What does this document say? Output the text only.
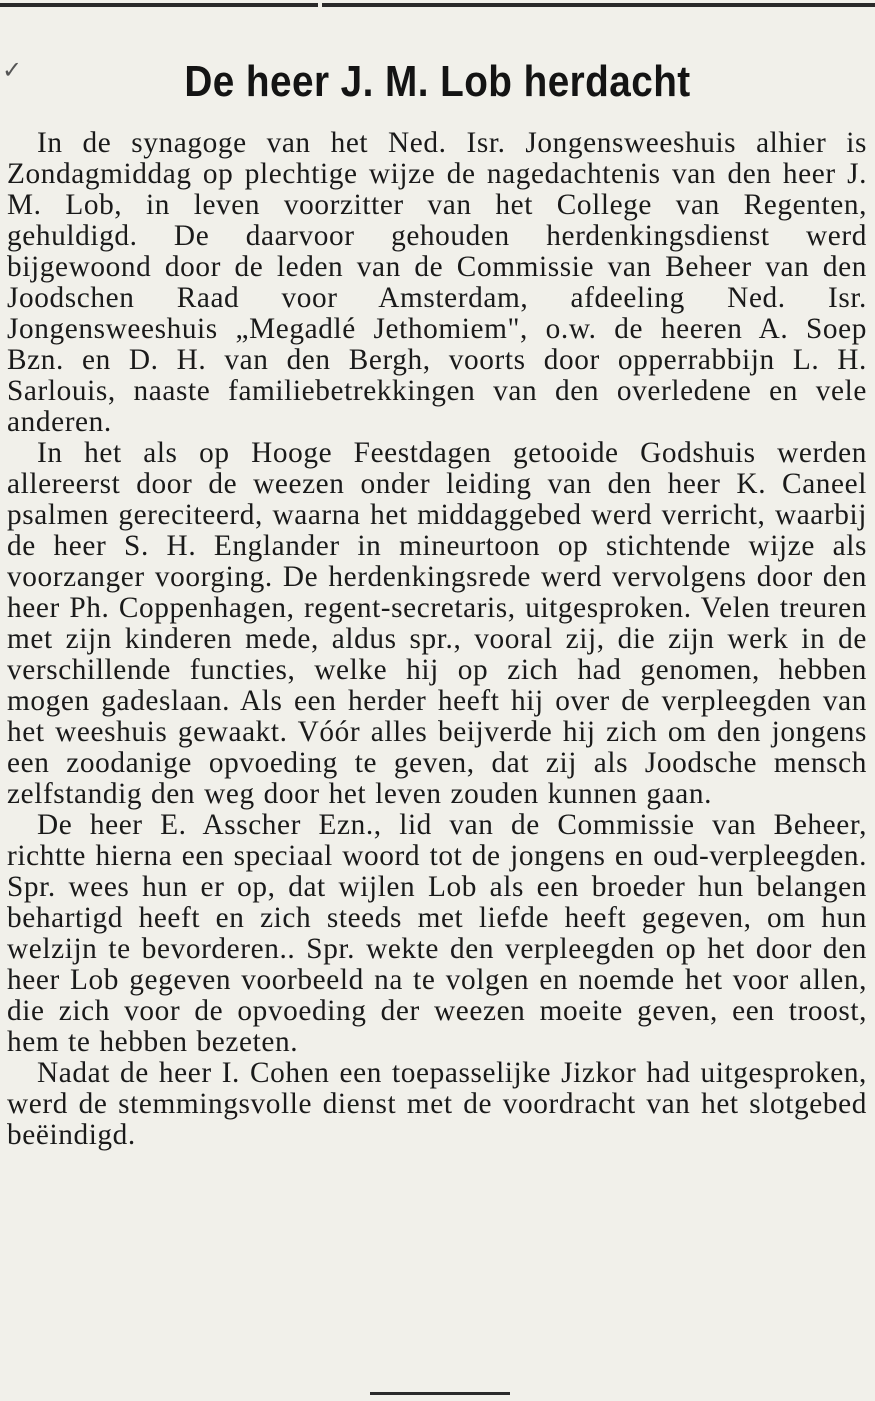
✓	De heer J. M. Lob herdacht

In de synagoge van het Ned. Isr. Jongensweeshuis alhier is Zondagmiddag op plechtige wijze de nagedachtenis van den heer J. M. Lob, in leven voorzitter van het College van Regenten, gehuldigd. De daarvoor gehouden herdenkingsdienst werd bijgewoond door de leden van de Commissie van Beheer van den Joodschen Raad voor Amsterdam, afdeeling Ned. Isr. Jongensweeshuis „Megadlé Jethomiem", o.w. de heeren A. Soep Bzn. en D. H. van den Bergh, voorts door opperrabbijn L. H. Sarlouis, naaste familiebetrekkingen van den overledene en vele anderen.

In het als op Hooge Feestdagen getooide Godshuis werden allereerst door de weezen onder leiding van den heer K. Caneel psalmen gereciteerd, waarna het middaggebed werd verricht, waarbij de heer S. H. Englander in mineurtoon op stichtende wijze als voorzanger voorging. De herdenkingsrede werd vervolgens door den heer Ph. Coppenhagen, regent-secretaris, uitgesproken. Velen treuren met zijn kinderen mede, aldus spr., vooral zij, die zijn werk in de verschillende functies, welke hij op zich had genomen, hebben mogen gadeslaan. Als een herder heeft hij over de verpleegden van het weeshuis gewaakt. Vóór alles beijverde hij zich om den jongens een zoodanige opvoeding te geven, dat zij als Joodsche mensch zelfstandig den weg door het leven zouden kunnen gaan.

De heer E. Asscher Ezn., lid van de Commissie van Beheer, richtte hierna een speciaal woord tot de jongens en oud-verpleegden. Spr. wees hun er op, dat wijlen Lob als een broeder hun belangen behartigd heeft en zich steeds met liefde heeft gegeven, om hun welzijn te bevorderen.. Spr. wekte den verpleegden op het door den heer Lob gegeven voorbeeld na te volgen en noemde het voor allen, die zich voor de opvoeding der weezen moeite geven, een troost, hem te hebben bezeten.

Nadat de heer I. Cohen een toepasselijke Jizkor had uitgesproken, werd de stemmingsvolle dienst met de voordracht van het slotgebed beëindigd.
